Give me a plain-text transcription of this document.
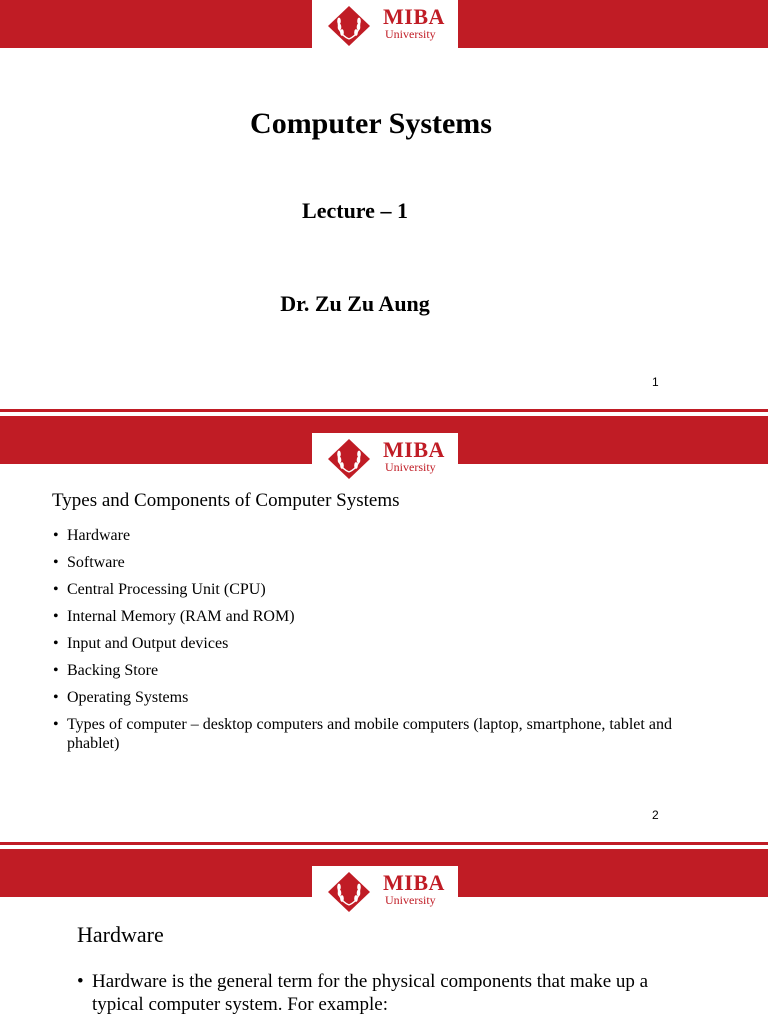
MIBA
University
Computer Systems
Lecture – 1
Dr. Zu Zu Aung
1
MIBA
University
Types and Components of Computer Systems
• Hardware
• Software
• Central Processing Unit (CPU)
• Internal Memory (RAM and ROM)
• Input and Output devices
• Backing Store
• Operating Systems
• Types of computer – desktop computers and mobile computers (laptop, smartphone, tablet and phablet)
2
MIBA
University
Hardware
• Hardware is the general term for the physical components that make up a typical computer system. For example:
